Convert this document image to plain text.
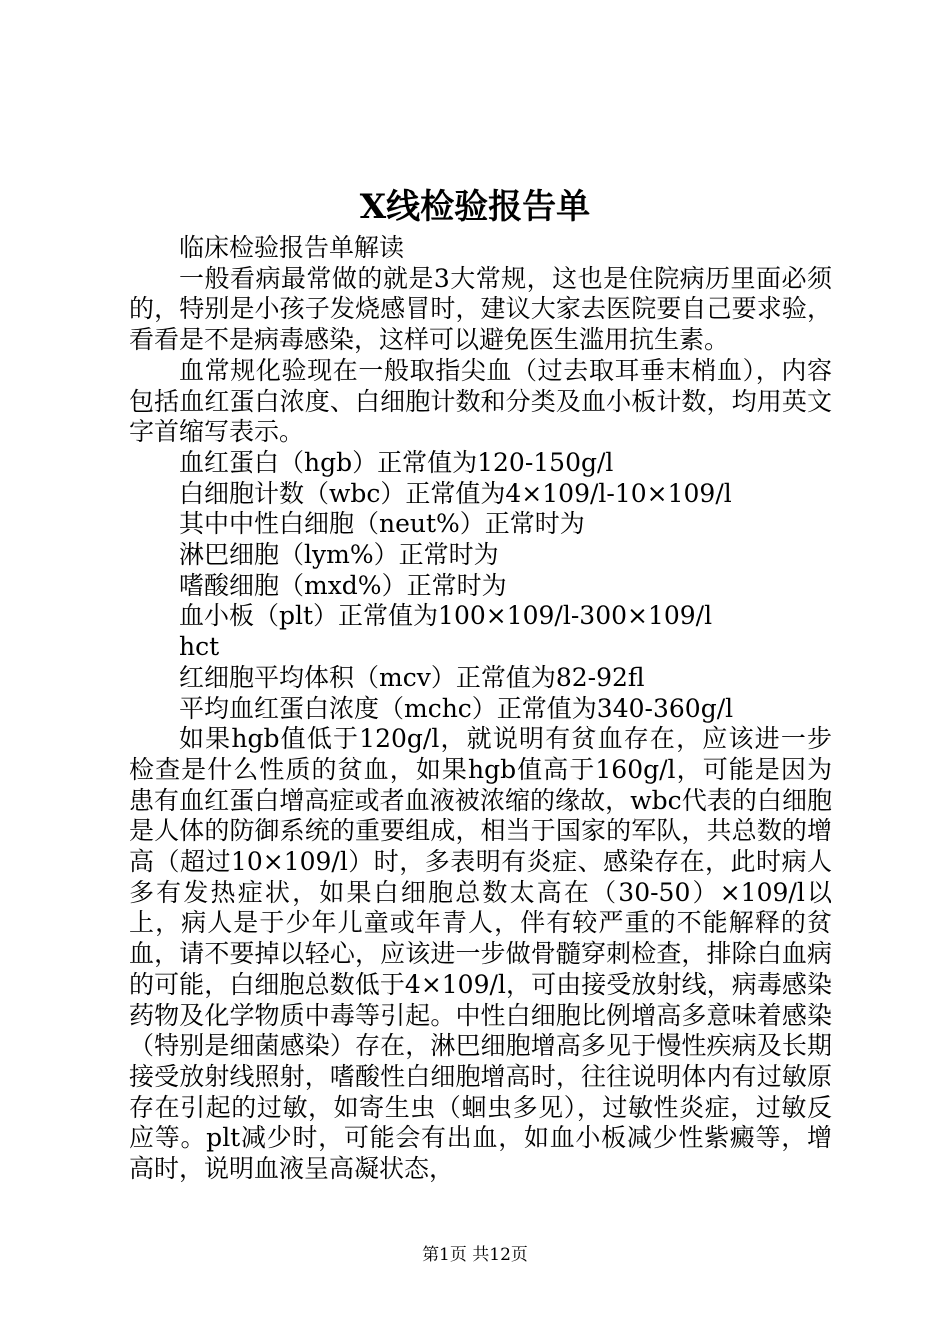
X线检验报告单

临床检验报告单解读

一般看病最常做的就是3大常规，这也是住院病历里面必须的，特别是小孩子发烧感冒时，建议大家去医院要自己要求验，看看是不是病毒感染，这样可以避免医生滥用抗生素。

血常规化验现在一般取指尖血（过去取耳垂末梢血），内容包括血红蛋白浓度、白细胞计数和分类及血小板计数，均用英文字首缩写表示。

血红蛋白（hgb）正常值为120-150g/l

白细胞计数（wbc）正常值为4×109/l-10×109/l

其中中性白细胞（neut%）正常时为

淋巴细胞（lym%）正常时为

嗜酸细胞（mxd%）正常时为

血小板（plt）正常值为100×109/l-300×109/l

hct

红细胞平均体积（mcv）正常值为82-92fl

平均血红蛋白浓度（mchc）正常值为340-360g/l

如果hgb值低于120g/l，就说明有贫血存在，应该进一步检查是什么性质的贫血，如果hgb值高于160g/l，可能是因为患有血红蛋白增高症或者血液被浓缩的缘故，wbc代表的白细胞是人体的防御系统的重要组成，相当于国家的军队，共总数的增高（超过10×109/l）时，多表明有炎症、感染存在，此时病人多有发热症状，如果白细胞总数太高在（30-50）×109/l以上，病人是于少年儿童或年青人，伴有较严重的不能解释的贫血，请不要掉以轻心，应该进一步做骨髓穿刺检查，排除白血病的可能，白细胞总数低于4×109/l，可由接受放射线，病毒感染药物及化学物质中毒等引起。中性白细胞比例增高多意味着感染（特别是细菌感染）存在，淋巴细胞增高多见于慢性疾病及长期接受放射线照射，嗜酸性白细胞增高时，往往说明体内有过敏原存在引起的过敏，如寄生虫（蛔虫多见），过敏性炎症，过敏反应等。plt减少时，可能会有出血，如血小板减少性紫癜等，增高时，说明血液呈高凝状态，

第1页 共12页
